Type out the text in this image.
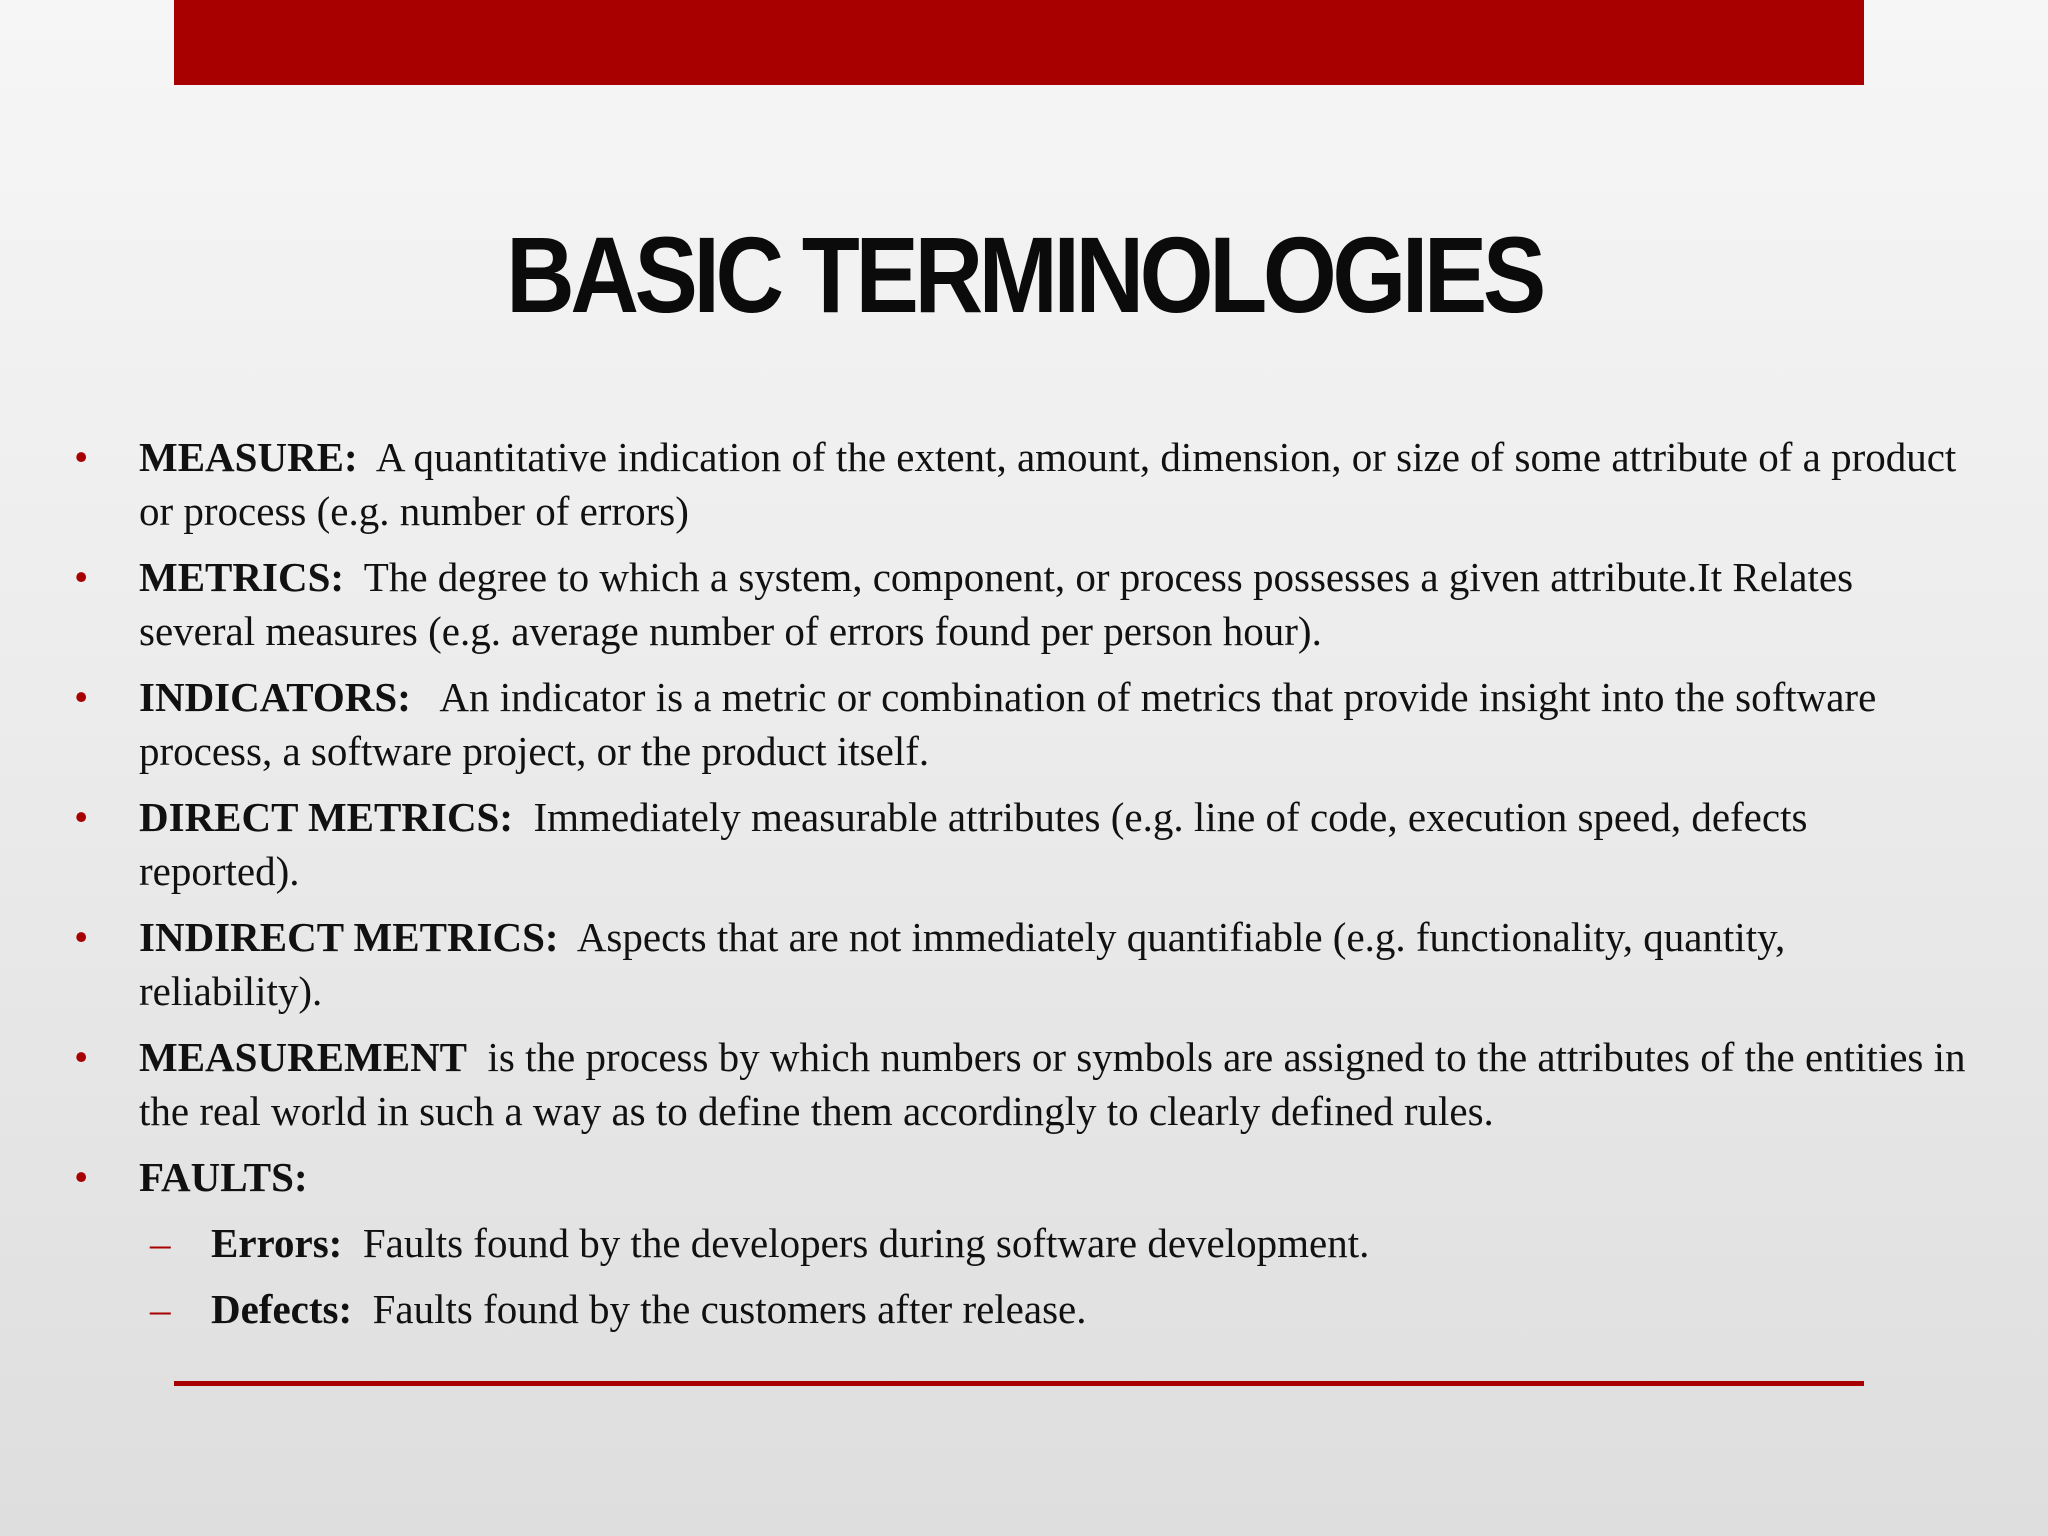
BASIC TERMINOLOGIES
•	MEASURE:  A quantitative indication of the extent, amount, dimension, or size of some attribute of a product or process (e.g. number of errors)
•	METRICS:  The degree to which a system, component, or process possesses a given attribute.It Relates several measures (e.g. average number of errors found per person hour).
•	INDICATORS:   An indicator is a metric or combination of metrics that provide insight into the software process, a software project, or the product itself.
•	DIRECT METRICS:  Immediately measurable attributes (e.g. line of code, execution speed, defects reported).
•	INDIRECT METRICS:  Aspects that are not immediately quantifiable (e.g. functionality, quantity, reliability).
•	MEASUREMENT  is the process by which numbers or symbols are assigned to the attributes of the entities in the real world in such a way as to define them accordingly to clearly defined rules.
•	FAULTS:
– Errors:  Faults found by the developers during software development.
– Defects:  Faults found by the customers after release.
